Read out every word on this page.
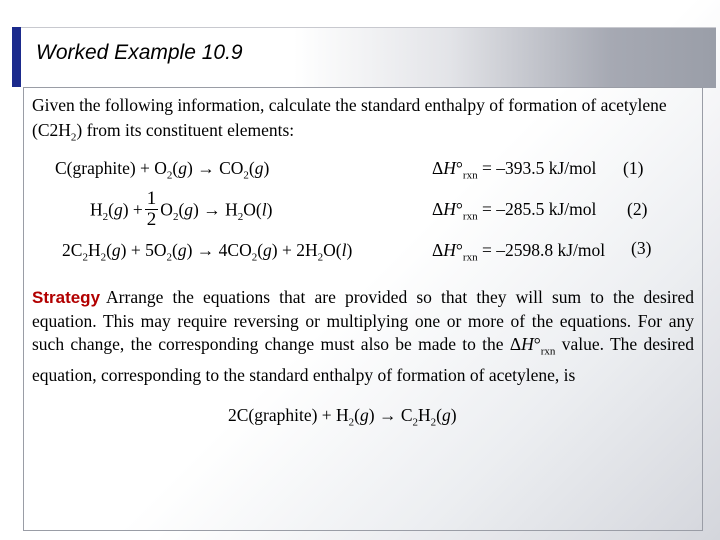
Worked Example 10.9
Given the following information, calculate the standard enthalpy of formation of acetylene $(C2H_2)$ from its constituent elements:
C(graphite) + $O_2(g) \to CO_2(g)$	$\Delta H^\circ_{rxn} = -393.5$ kJ/mol (1)
$H_2(g) + \frac{1}{2} O_2(g) \to H_2O(l)$	$\Delta H^\circ_{rxn} = -285.5$ kJ/mol (2)
$2C_2H_2(g) + 5O_2(g) \to 4CO_2(g) + 2H_2O(l)$	$\Delta H^\circ_{rxn} = -2598.8$ kJ/mol (3)
Strategy Arrange the equations that are provided so that they will sum to the desired equation. This may require reversing or multiplying one or more of the equations. For any such change, the corresponding change must also be made to the $\Delta H^\circ_{rxn}$ value. The desired equation, corresponding to the standard enthalpy of formation of acetylene, is
2C(graphite) + $H_2(g) \to C_2H_2(g)$
